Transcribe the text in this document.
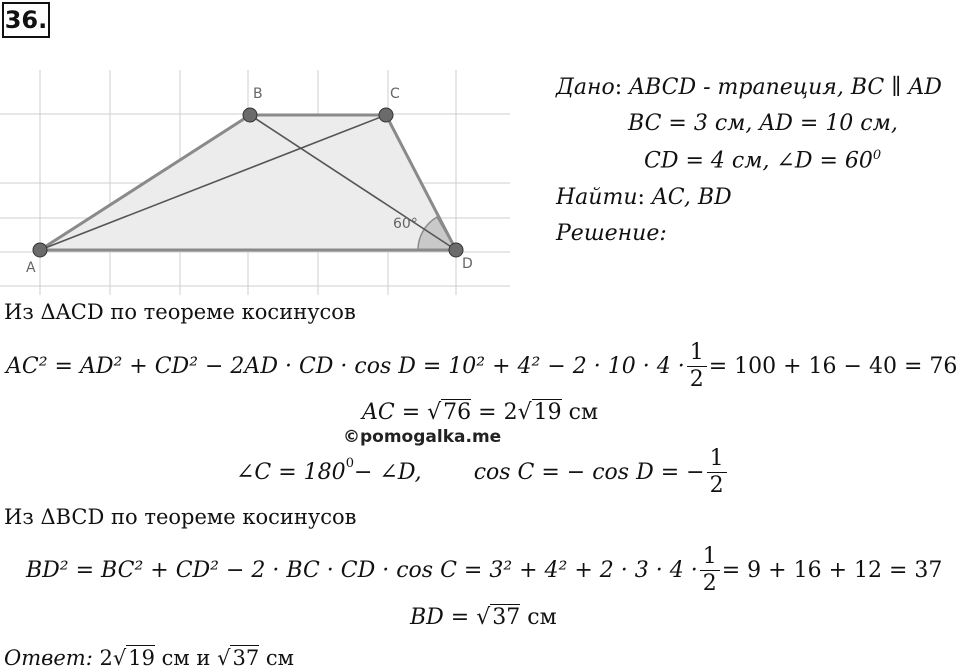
36.
A
B	C
D
60°
Дано: ABCD - трапеция, BC ∥ AD
BC = 3 см, AD = 10 см,
CD = 4 см, ∠D = $60^0$
Найти: AC, BD
Решение:
Из ΔACD по теореме косинусов
AC² = AD² + CD² − 2AD · CD · $\cos D = 10^2 + 4^2 - 2 \cdot 10 \cdot 4 \cdot \frac{1}{2} = 100 + 16 - 40 = 76$
AC = √76 = 2√19 см
©pomogalka.me
∠C = $180^0$ − ∠D, cos C = − cos D = − $\frac{1}{2}$
Из ΔBCD по теореме косинусов
BD² = BC² + CD² − 2 · BC · CD · $\cos C = 3^2 + 4^2 + 2 \cdot 3 \cdot 4 \cdot \frac{1}{2} = 9 + 16 + 12 = 37$
BD = √37 см
Ответ: 2√19 см и √37 см
